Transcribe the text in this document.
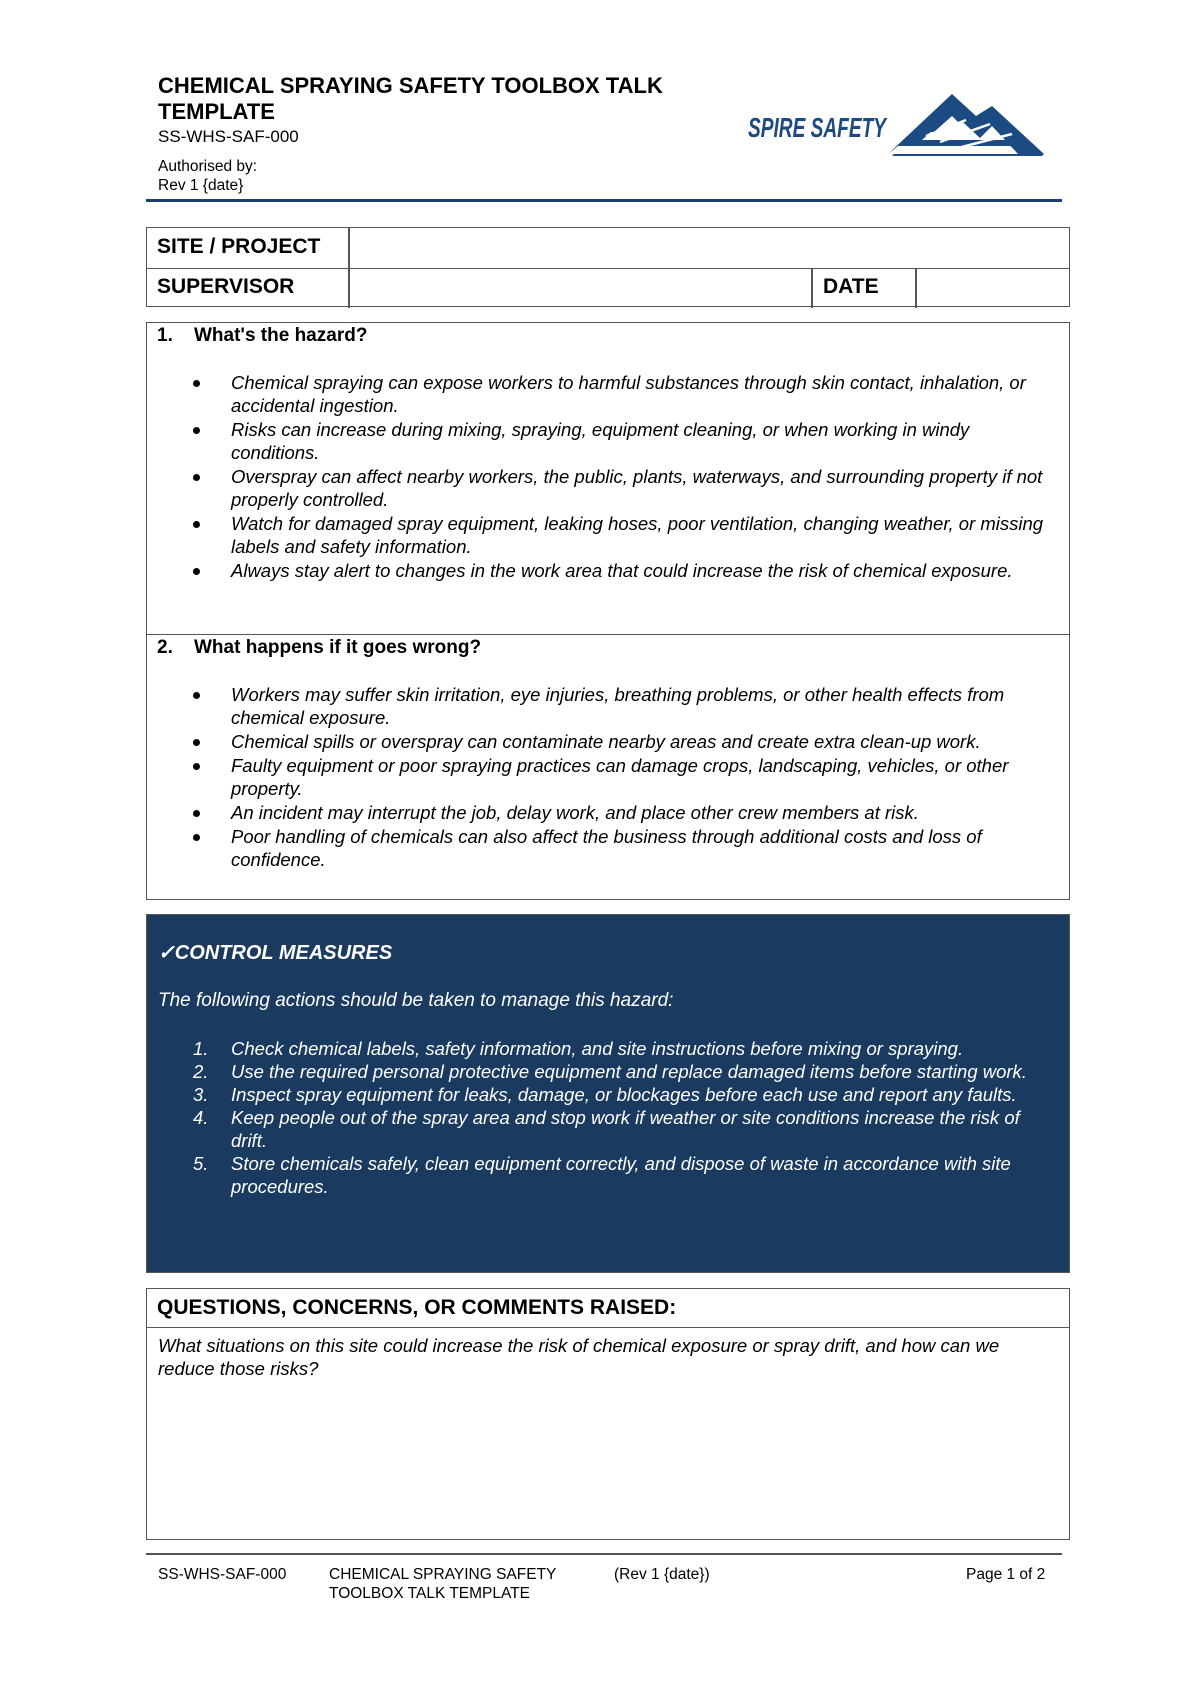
CHEMICAL SPRAYING SAFETY TOOLBOX TALK TEMPLATE
SS-WHS-SAF-000
Authorised by:
Rev 1 {date}
SPIRE SAFETY
SITE / PROJECT
SUPERVISOR	DATE
1. What's the hazard?
Chemical spraying can expose workers to harmful substances through skin contact, inhalation, or accidental ingestion.
Risks can increase during mixing, spraying, equipment cleaning, or when working in windy conditions.
Overspray can affect nearby workers, the public, plants, waterways, and surrounding property if not properly controlled.
Watch for damaged spray equipment, leaking hoses, poor ventilation, changing weather, or missing labels and safety information.
Always stay alert to changes in the work area that could increase the risk of chemical exposure.
2. What happens if it goes wrong?
Workers may suffer skin irritation, eye injuries, breathing problems, or other health effects from chemical exposure.
Chemical spills or overspray can contaminate nearby areas and create extra clean-up work.
Faulty equipment or poor spraying practices can damage crops, landscaping, vehicles, or other property.
An incident may interrupt the job, delay work, and place other crew members at risk.
Poor handling of chemicals can also affect the business through additional costs and loss of confidence.
✓CONTROL MEASURES
The following actions should be taken to manage this hazard:
1. Check chemical labels, safety information, and site instructions before mixing or spraying.
2. Use the required personal protective equipment and replace damaged items before starting work.
3. Inspect spray equipment for leaks, damage, or blockages before each use and report any faults.
4. Keep people out of the spray area and stop work if weather or site conditions increase the risk of drift.
5. Store chemicals safely, clean equipment correctly, and dispose of waste in accordance with site procedures.
QUESTIONS, CONCERNS, OR COMMENTS RAISED:
What situations on this site could increase the risk of chemical exposure or spray drift, and how can we reduce those risks?
SS-WHS-SAF-000	CHEMICAL SPRAYING SAFETY TOOLBOX TALK TEMPLATE
(Rev 1 {date})	Page 1 of 2
